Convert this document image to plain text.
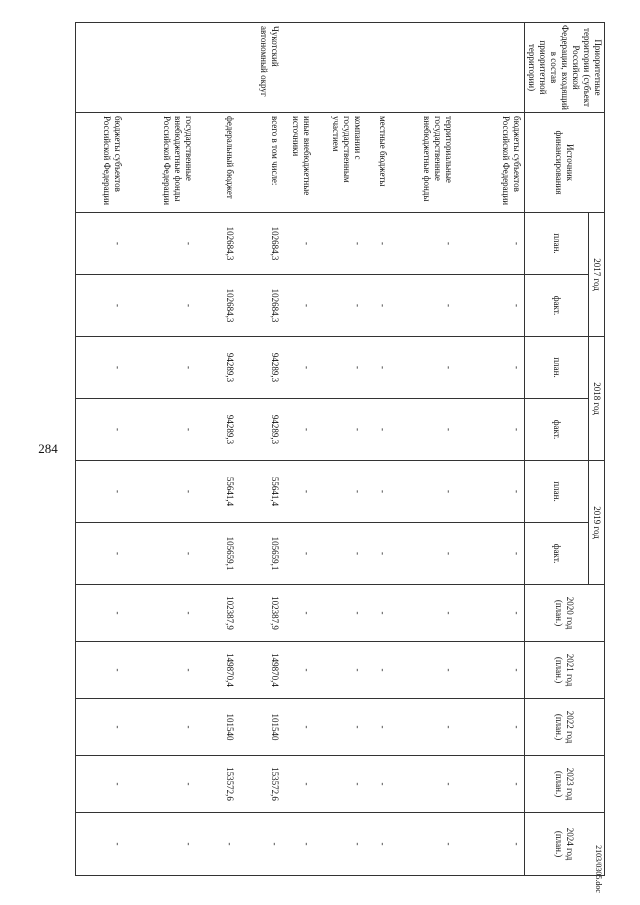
284
Приоритетные территории (субъект Российской Федерации, входящий в состав приоритетной территории)	Источник финансирования	2017 год		2018 год		2019 год		2020 год (план.)	2021 год (план.)	2022 год (план.)	2023 год (план.)	2024 год (план.)
		план.	факт.	план.	факт.	план.	факт.					
	бюджеты субъектов Российской Федерации	-	-	-	-	-	-	-	-	-	-	-
	территориальные государственные внебюджетные фонды	-	-	-	-	-	-	-	-	-	-	-
	местные бюджеты	-	-	-	-	-	-	-	-	-	-	-
	компании с государственным участием	-	-	-	-	-	-	-	-	-	-	-
	иные внебюджетные источники	-	-	-	-	-	-	-	-	-	-	-
Чукотский автономный округ	всего в том числе:	102684,3	102684,3	94289,3	94289,3	55641,4	105659,1	102387,9	149870,4	101540	153572,6	-
	федеральный бюджет	102684,3	102684,3	94289,3	94289,3	55641,4	105659,1	102387,9	149870,4	101540	153572,6	-
	государственные внебюджетные фонды Российской Федерации	-	-	-	-	-	-	-	-	-	-	-
	бюджеты субъектов Российской Федерации	-	-	-	-	-	-	-	-	-	-	-
2103/0305.doc
